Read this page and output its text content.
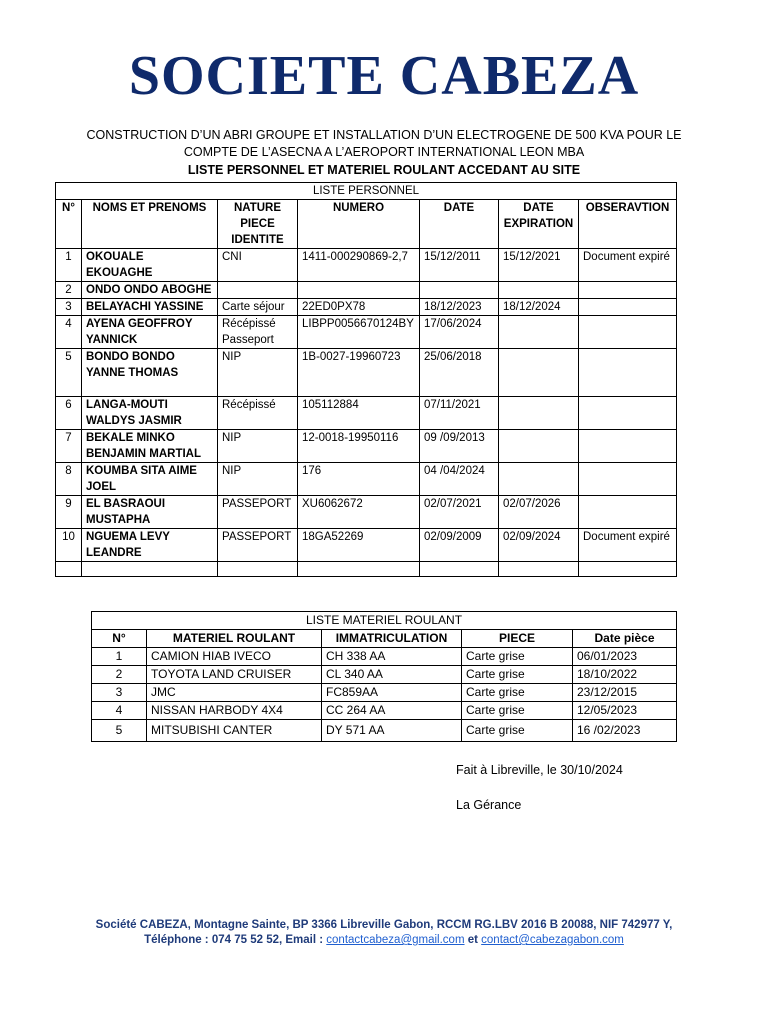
SOCIETE CABEZA
CONSTRUCTION D’UN ABRI GROUPE ET INSTALLATION D’UN ELECTROGENE DE 500 KVA POUR LE
COMPTE DE L’ASECNA A L’AEROPORT INTERNATIONAL LEON MBA
LISTE PERSONNEL ET MATERIEL ROULANT ACCEDANT AU SITE
LISTE PERSONNEL						
N°	NOMS ET PRENOMS	NATURE PIECE IDENTITE	NUMERO	DATE	DATE EXPIRATION	OBSERAVTION
1	OKOUALE EKOUAGHE	CNI	1411-000290869-2,7	15/12/2011	15/12/2021	Document expiré
2	ONDO ONDO ABOGHE					
3	BELAYACHI YASSINE	Carte séjour	22ED0PX78	18/12/2023	18/12/2024	
4	AYENA GEOFFROY YANNICK	Récépissé Passeport	LIBPP0056670124BY	17/06/2024		
5	BONDO BONDO YANNE THOMAS	NIP	1B-0027-19960723	25/06/2018		
6	LANGA-MOUTI WALDYS JASMIR	Récépissé	105112884	07/11/2021		
7	BEKALE MINKO BENJAMIN MARTIAL	NIP	12-0018-19950116	09 /09/2013		
8	KOUMBA SITA AIME JOEL	NIP	176	04 /04/2024		
9	EL BASRAOUI MUSTAPHA	PASSEPORT	XU6062672	02/07/2021	02/07/2026	
10	NGUEMA LEVY LEANDRE	PASSEPORT	18GA52269	02/09/2009	02/09/2024	Document expiré

LISTE MATERIEL ROULANT				
N°	MATERIEL ROULANT	IMMATRICULATION	PIECE	Date pièce
1	CAMION HIAB IVECO	CH 338 AA	Carte grise	06/01/2023
2	TOYOTA LAND CRUISER	CL 340 AA	Carte grise	18/10/2022
3	JMC	FC859AA	Carte grise	23/12/2015
4	NISSAN HARBODY 4X4	CC 264 AA	Carte grise	12/05/2023
5	MITSUBISHI CANTER	DY 571 AA	Carte grise	16 /02/2023
Fait à Libreville, le 30/10/2024
La Gérance
Société CABEZA, Montagne Sainte, BP 3366 Libreville Gabon, RCCM RG.LBV 2016 B 20088, NIF 742977 Y,
Téléphone : 074 75 52 52, Email : contactcabeza@gmail.com et contact@cabezagabon.com
